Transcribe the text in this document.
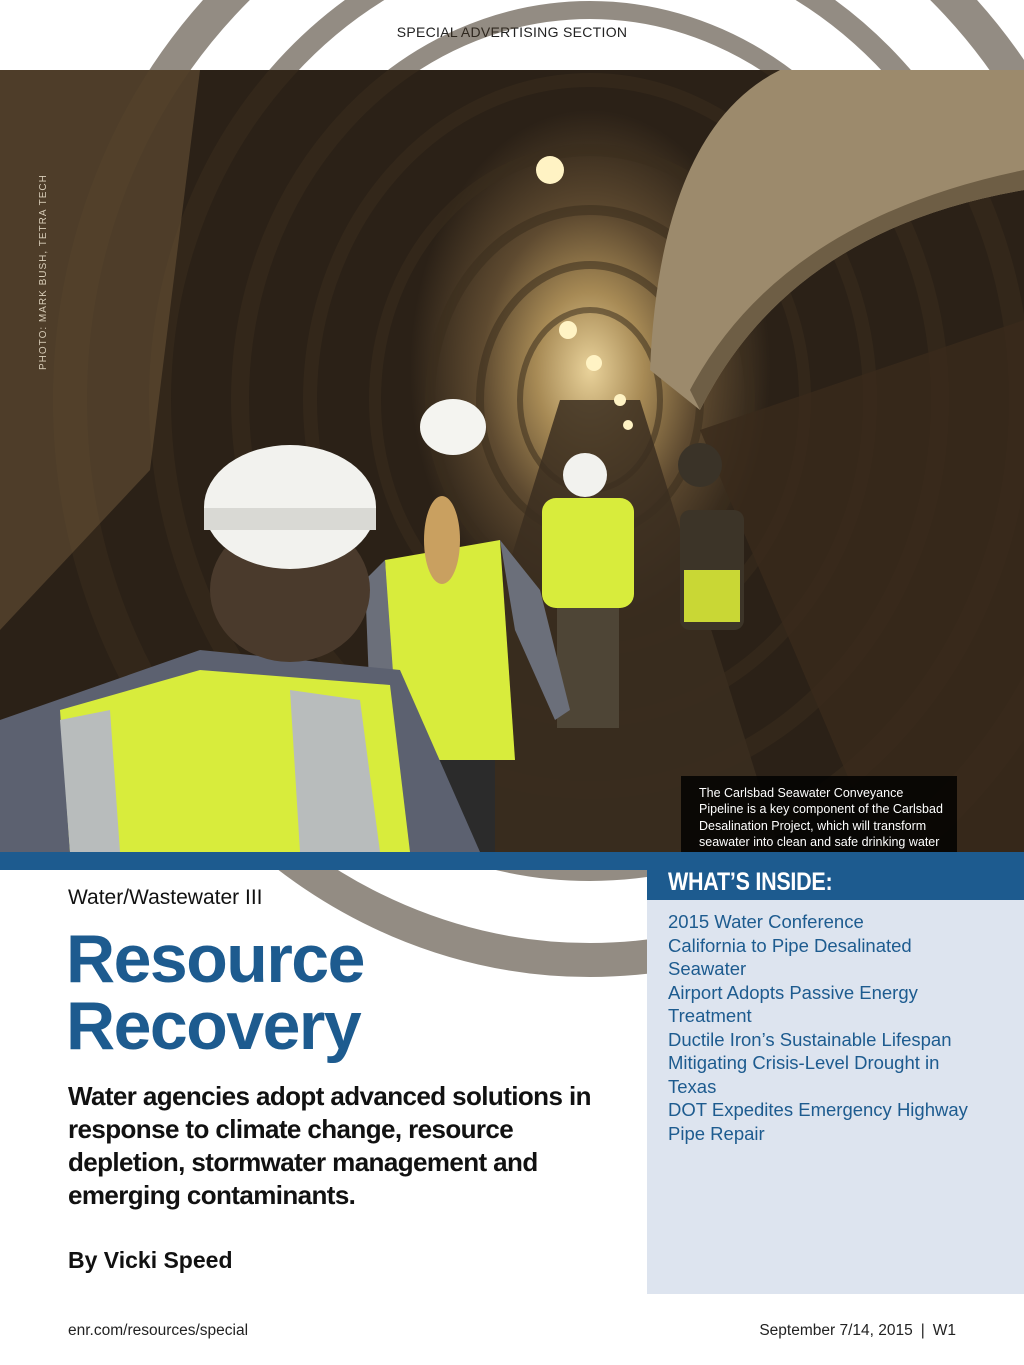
SPECIAL ADVERTISING SECTION
PHOTO: MARK BUSH, TETRA TECH
The Carlsbad Seawater Conveyance Pipeline is a key component of the Carlsbad Desalination Project, which will transform seawater into clean and safe drinking water
WHAT’S INSIDE:
2015 Water Conference
California to Pipe Desalinated Seawater
Airport Adopts Passive Energy Treatment
Ductile Iron’s Sustainable Lifespan
Mitigating Crisis-Level Drought in Texas
DOT Expedites Emergency Highway Pipe Repair
Water/Wastewater III
Resource
Recovery

Water agencies adopt advanced solutions in response to climate change, resource depletion, stormwater management and emerging contaminants.

By Vicki Speed
enr.com/resources/special	September 7/14, 2015 | W1
